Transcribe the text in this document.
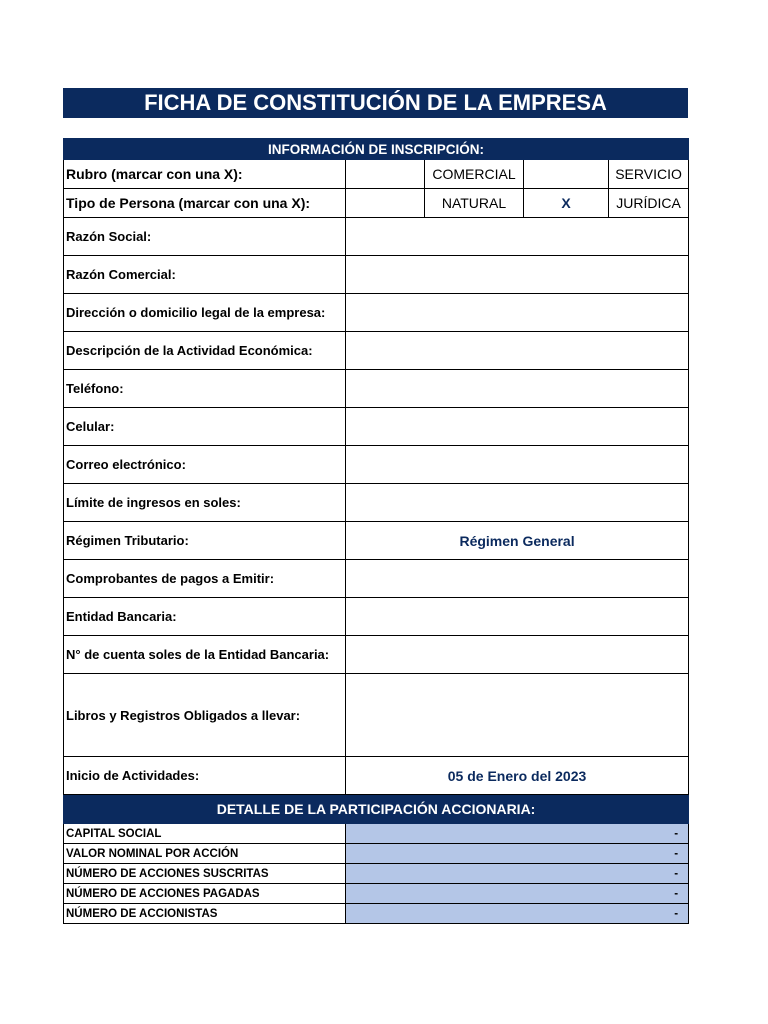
FICHA DE CONSTITUCIÓN DE LA EMPRESA
INFORMACIÓN DE INSCRIPCIÓN:				
Rubro (marcar con una X):		COMERCIAL		SERVICIO
Tipo de Persona (marcar con una X):		NATURAL	X	JURÍDICA
Razón Social:				
Razón Comercial:				
Dirección o domicilio legal de la empresa:				
Descripción de la Actividad Económica:				
Teléfono:				
Celular:				
Correo electrónico:				
Límite de ingresos en soles:				
Régimen Tributario:	Régimen General			
Comprobantes de pagos a Emitir:				
Entidad Bancaria:				
N° de cuenta soles de la Entidad Bancaria:				
Libros y Registros Obligados a llevar:				
Inicio de Actividades:	05 de Enero del 2023			
DETALLE DE LA PARTICIPACIÓN ACCIONARIA:				
CAPITAL SOCIAL	-			
VALOR NOMINAL POR ACCIÓN	-			
NÚMERO DE ACCIONES SUSCRITAS	-			
NÚMERO DE ACCIONES PAGADAS	-			
NÚMERO DE ACCIONISTAS	-			
